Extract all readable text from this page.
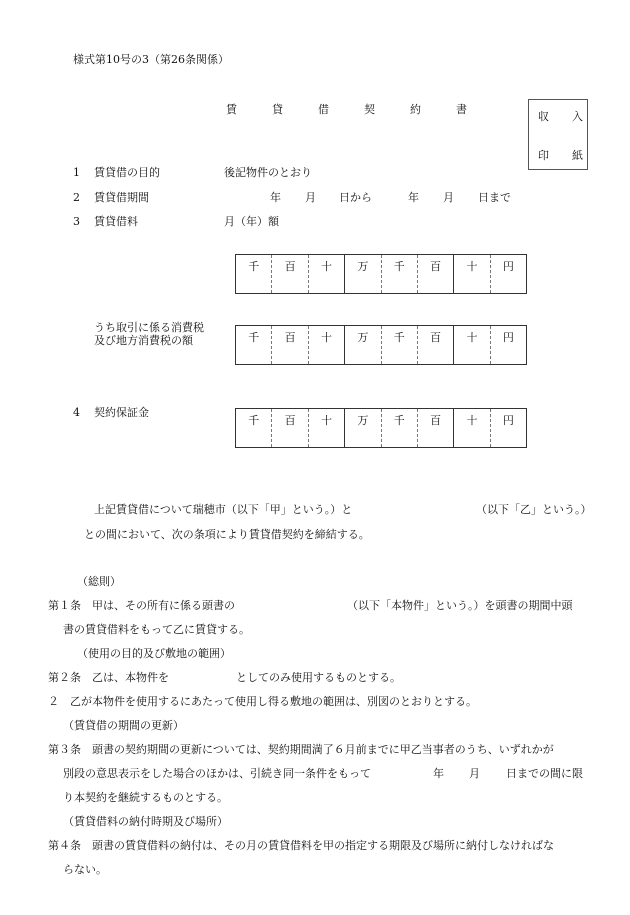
様式第10号の3（第26条関係）
賃	貸	借	契	約	書
収 入
印 紙
1 賃貸借の目的	後記物件のとおり
2 賃貸借期間	年 月 日から	年 月 日まで
3 賃貸借料	月（年）額
千	百	十	万	千	百	十	円
うち取引に係る消費税
及び地方消費税の額	千	百	十	万	千	百	十	円
4 契約保証金
千	百	十	万	千	百	十	円
上記賃貸借について瑞穂市（以下「甲」という。）と	（以下「乙」という。）
との間において、次の条項により賃貸借契約を締結する。
（総則）
第１条　甲は、その所有に係る頭書の	（以下「本物件」という。）を頭書の期間中頭
書の賃貸借料をもって乙に賃貸する。
（使用の目的及び敷地の範囲）
第２条　乙は、本物件を	としてのみ使用するものとする。
２　乙が本物件を使用するにあたって使用し得る敷地の範囲は、別図のとおりとする。
（賃貸借の期間の更新）
第３条　頭書の契約期間の更新については、契約期間満了６月前までに甲乙当事者のうち、いずれかが
別段の意思表示をした場合のほかは、引続き同一条件をもって	年 月 日までの間に限
り本契約を継続するものとする。
（賃貸借料の納付時期及び場所）
第４条　頭書の賃貸借料の納付は、その月の賃貸借料を甲の指定する期限及び場所に納付しなければな
らない。
